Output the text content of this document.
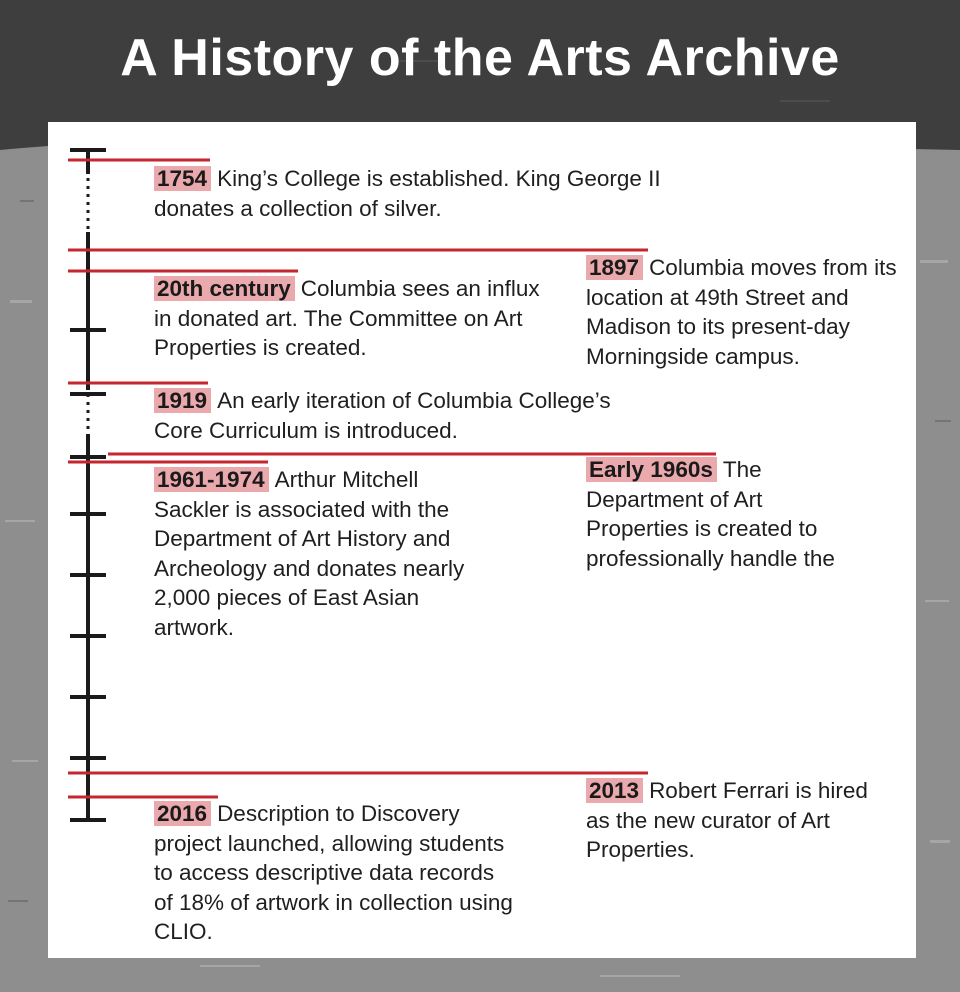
A History of the Arts Archive
1754 King’s College is established. King George II donates a collection of silver.
1897 Columbia moves from its location at 49th Street and Madison to its present-day Morningside campus.
20th century Columbia sees an influx in donated art. The Committee on Art Properties is created.
1919 An early iteration of Columbia College’s Core Curriculum is introduced.
1961-1974 Arthur Mitchell Sackler is associated with the Department of Art History and Archeology and donates nearly 2,000 pieces of East Asian artwork.
Early 1960s The Department of Art Properties is created to professionally handle the
2013 Robert Ferrari is hired as the new curator of Art Properties.
2016 Description to Discovery project launched, allowing students to access descriptive data records of 18% of artwork in collection using CLIO.
